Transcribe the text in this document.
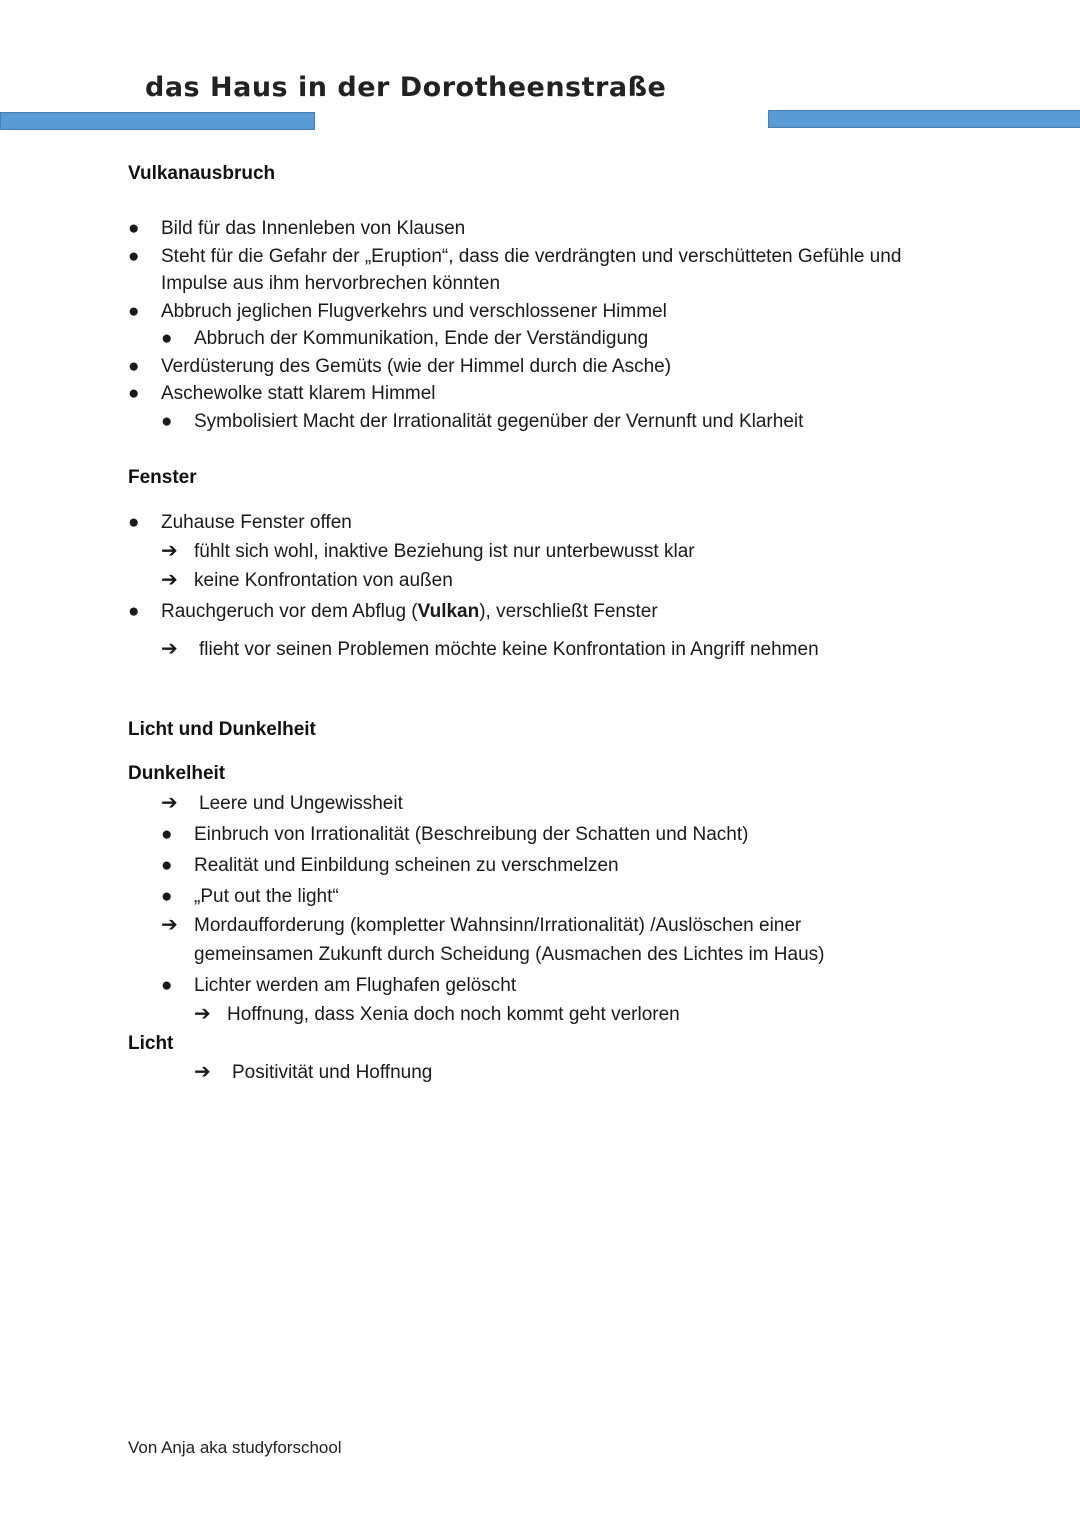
das Haus in der Dorotheenstraße
Vulkanausbruch
● Bild für das Innenleben von Klausen
● Steht für die Gefahr der „Eruption“, dass die verdrängten und verschütteten Gefühle und
Impulse aus ihm hervorbrechen könnten
● Abbruch jeglichen Flugverkehrs und verschlossener Himmel
● Abbruch der Kommunikation, Ende der Verständigung
● Verdüsterung des Gemüts (wie der Himmel durch die Asche)
● Aschewolke statt klarem Himmel
● Symbolisiert Macht der Irrationalität gegenüber der Vernunft und Klarheit
Fenster
● Zuhause Fenster offen
➔ fühlt sich wohl, inaktive Beziehung ist nur unterbewusst klar
➔ keine Konfrontation von außen
● Rauchgeruch vor dem Abflug (Vulkan), verschließt Fenster
➔ flieht vor seinen Problemen möchte keine Konfrontation in Angriff nehmen
Licht und Dunkelheit
Dunkelheit
➔ Leere und Ungewissheit
● Einbruch von Irrationalität (Beschreibung der Schatten und Nacht)
● Realität und Einbildung scheinen zu verschmelzen
● „Put out the light“
➔ Mordaufforderung (kompletter Wahnsinn/Irrationalität) /Auslöschen einer
gemeinsamen Zukunft durch Scheidung (Ausmachen des Lichtes im Haus)
● Lichter werden am Flughafen gelöscht
➔ Hoffnung, dass Xenia doch noch kommt geht verloren
Licht
➔ Positivität und Hoffnung
Von Anja aka studyforschool
